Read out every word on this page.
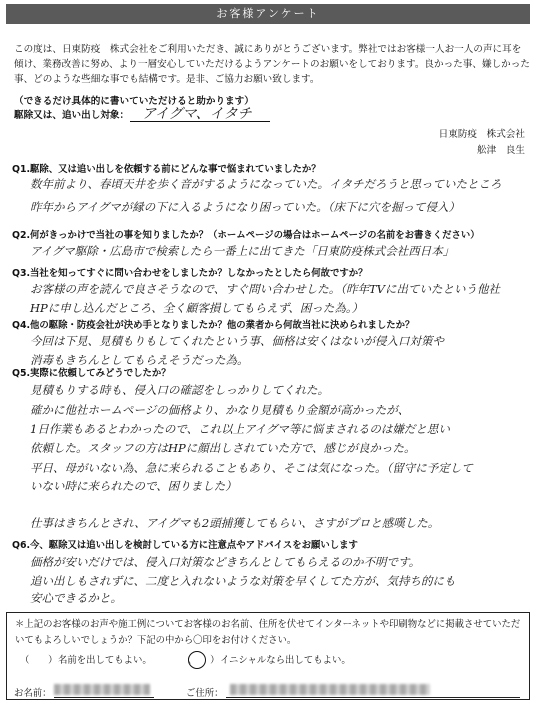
お客様アンケート
この度は、日東防疫　株式会社をご利用いただき、誠にありがとうございます。弊社ではお客様一人お一人の声に耳を傾け、業務改善に努め、より一層安心していただけるようアンケートのお願いをしております。良かった事、嫌しかった事、どのような些細な事でも結構です。是非、ご協力お願い致します。
（できるだけ具体的に書いていただけると助かります）
駆除又は、追い出し対象： アイグマ、イタチ
日東防疫　株式会社
舩津　良生
Q1.駆除、又は追い出しを依頼する前にどんな事で悩まれていましたか？
数年前より、春頃天井を歩く音がするようになっていた。イタチだろうと思っていたところ
昨年からアイグマが縁の下に入るようになり困っていた。（床下に穴を掘って侵入）
Q2.何がきっかけで当社の事を知りましたか？（ホームページの場合はホームページの名前をお書きください）
アイグマ駆除・広島市で検索したら一番上に出てきた「日東防疫株式会社西日本」
Q3.当社を知ってすぐに問い合わせをしましたか？しなかったとしたら何故ですか？
お客様の声を読んで良さそうなので、すぐ問い合わせした。（昨年TVに出ていたという他社
HPに申し込んだところ、全く顧客損してもらえず、困った為。）
Q4.他の駆除・防疫会社が決め手となりましたか？他の業者から何故当社に決められましたか？
今回は下見、見積もりもしてくれたという事、価格は安くはないが侵入口対策や
消毒もきちんとしてもらえそうだった為。
Q5.実際に依頼してみどうでしたか？
見積もりする時も、侵入口の確認をしっかりしてくれた。
確かに他社ホームページの価格より、かなり見積もり金額が高かったが、
1日作業もあるとわかったので、これ以上アイグマ等に悩まされるのは嫌だと思い
依頼した。スタッフの方はHPに顔出しされていた方で、感じが良かった。
平日、母がいない為、急に来られることもあり、そこは気になった。（留守に予定して
いない時に来られたので、困りました）
仕事はきちんとされ、アイグマも2頭捕獲してもらい、さすがプロと感嘆した。
Q6.今、駆除又は追い出しを検討している方に注意点やアドバイスをお願いします
価格が安いだけでは、侵入口対策などきちんとしてもらえるのか不明です。
追い出しもされずに、二度と入れないような対策を早くしてた方が、気持ち的にも
安心できるかと。
＊上記のお客様のお声や施工例についてお客様のお名前、住所を伏せてインターネットや印刷物などに掲載させていただいてもよろしいでしょうか？下記の中から〇印をお付けください。
（　　） 名前を出してもよい。	（　　） イニシャルなら出してもよい。
お名前：	ご住所：
